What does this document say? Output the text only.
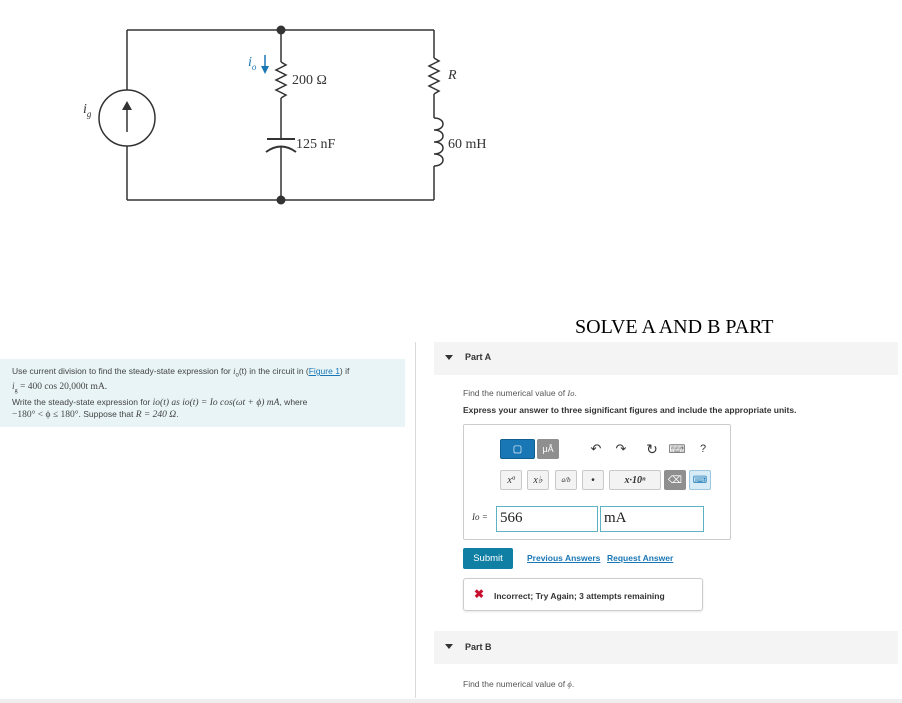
$i_g$
$i_o$
200 Ω
125 nF
R
60 mH
SOLVE A AND B PART
Use current division to find the steady-state expression for $i_o(t)$ in the circuit in (Figure 1) if
$i_g = 400$ cos 20,000t mA.
Write the steady-state expression for io(t) as io(t) = Io cos(ωt + ϕ) mA, where
−180° < ϕ ≤ 180°. Suppose that R = 240 Ω.
Part A
Find the numerical value of Io.
Express your answer to three significant figures and include the appropriate units.
▢ μÅ	↶ ↷ ↻ ⌨ ?
xª x♭	a/b •	x·10ⁿ ⌫ ⌨
Io = 566	mA
Submit	Previous Answers Request Answer
✖ Incorrect; Try Again; 3 attempts remaining
Part B
Find the numerical value of ϕ.
